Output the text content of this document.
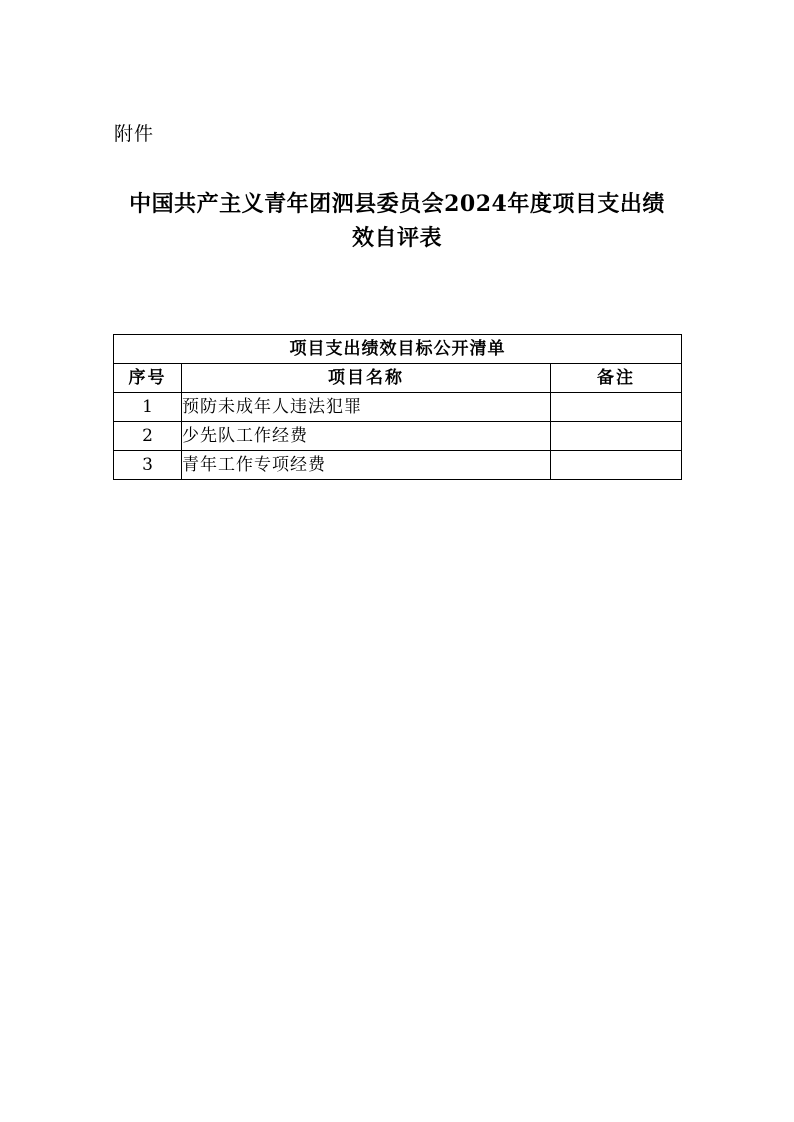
附件
中国共产主义青年团泗县委员会2024年度项目支出绩
效自评表
项目支出绩效目标公开清单		
序号	项目名称	备注
1	预防未成年人违法犯罪	
2	少先队工作经费	
3	青年工作专项经费	
